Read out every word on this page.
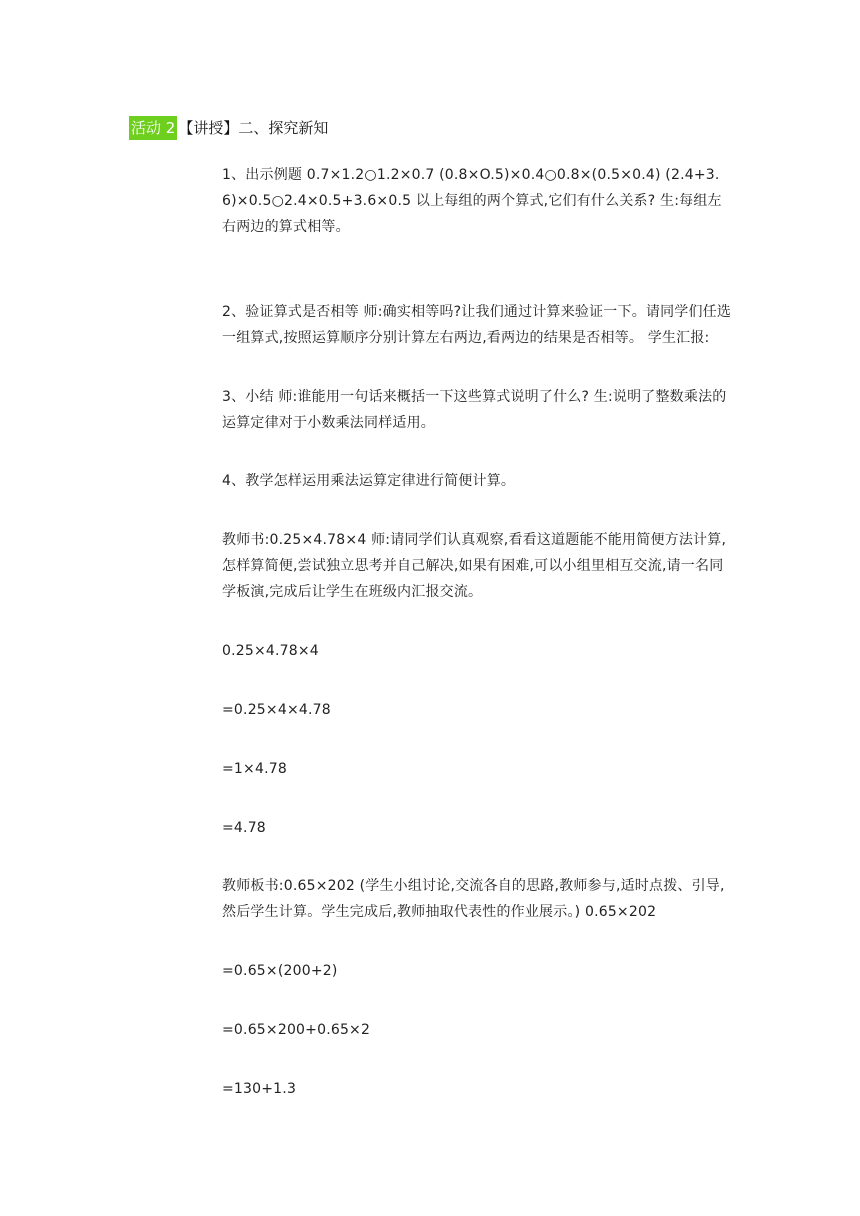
活动 2 【讲授】二、探究新知
1、出示例题 0.7×1.2○1.2×0.7 (0.8×O.5)×0.4○0.8×(0.5×0.4) (2.4+3.6)×0.5○2.4×0.5+3.6×0.5 以上每组的两个算式,它们有什么关系? 生:每组左右两边的算式相等。
2、验证算式是否相等 师:确实相等吗?让我们通过计算来验证一下。请同学们任选一组算式,按照运算顺序分别计算左右两边,看两边的结果是否相等。 学生汇报:
3、小结 师:谁能用一句话来概括一下这些算式说明了什么? 生:说明了整数乘法的运算定律对于小数乘法同样适用。
4、教学怎样运用乘法运算定律进行简便计算。
教师书:0.25×4.78×4 师:请同学们认真观察,看看这道题能不能用简便方法计算,怎样算简便,尝试独立思考并自己解决,如果有困难,可以小组里相互交流,请一名同学板演,完成后让学生在班级内汇报交流。
0.25×4.78×4
=0.25×4×4.78
=1×4.78
=4.78
教师板书:0.65×202 (学生小组讨论,交流各自的思路,教师参与,适时点拨、引导,然后学生计算。学生完成后,教师抽取代表性的作业展示。) 0.65×202
=0.65×(200+2)
=0.65×200+0.65×2
=130+1.3
